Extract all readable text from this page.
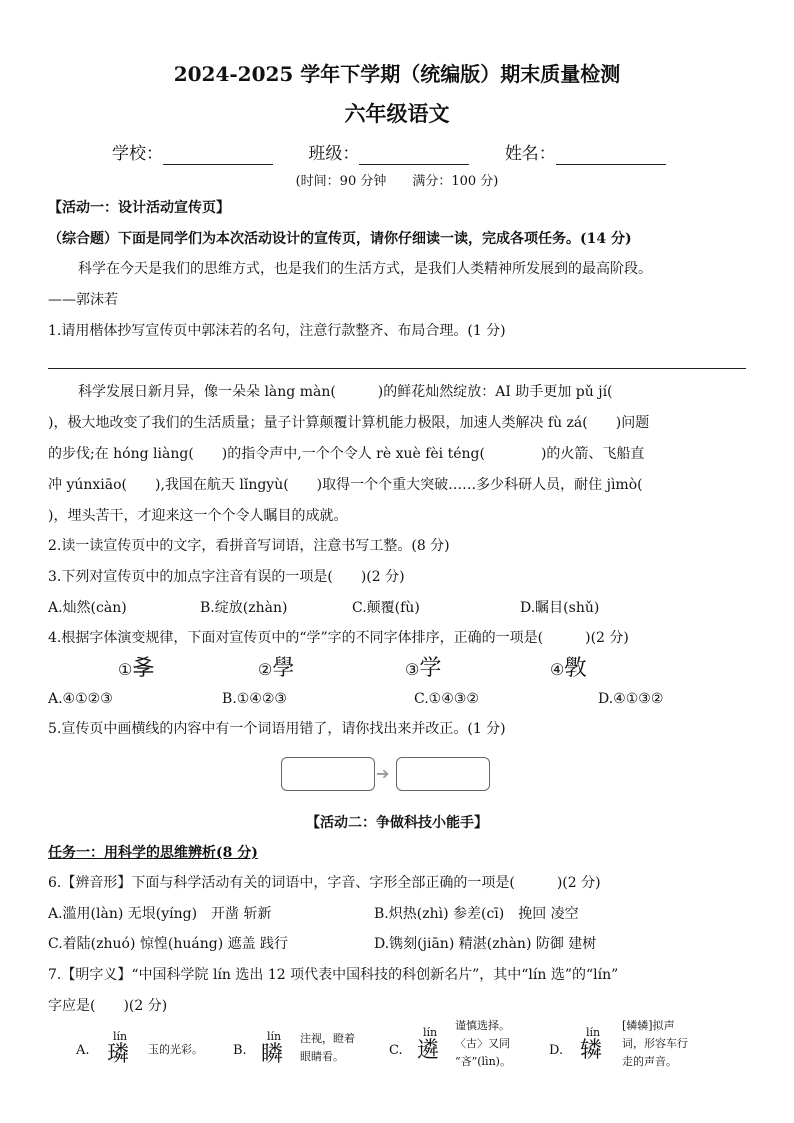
2024-2025 学年下学期（统编版）期末质量检测
六年级语文
学校：	班级：	姓名：
(时间：90 分钟　　满分：100 分)
【活动一：设计活动宣传页】
（综合题）下面是同学们为本次活动设计的宣传页，请你仔细读一读，完成各项任务。(14 分)
科学在今天是我们的思维方式，也是我们的生活方式，是我们人类精神所发展到的最高阶段。
——郭沫若
1.请用楷体抄写宣传页中郭沫若的名句，注意行款整齐、布局合理。(1 分)
科学发展日新月异，像一朵朵 làng màn(　　　)的鲜花灿然绽放：AI 助手更加 pǔ jí(
)，极大地改变了我们的生活质量；量子计算颠覆计算机能力极限，加速人类解决 fù zá(　　)问题
的步伐;在 hóng liàng(　　)的指令声中,一个个令人 rè xuè fèi téng(　　　　)的火箭、飞船直
冲 yúnxiāo(　　),我国在航天 lǐngyù(　　)取得一个个重大突破……多少科研人员，耐住 jìmò(
)，埋头苦干，才迎来这一个个令人瞩目的成就。
2.读一读宣传页中的文字，看拼音写词语，注意书写工整。(8 分)
3.下列对宣传页中的加点字注音有误的一项是(　　)(2 分)
A.灿然(càn)	B.绽放(zhàn)	C.颠覆(fù)	D.瞩目(shǔ)
4.根据字体演变规律，下面对宣传页中的“学”字的不同字体排序，正确的一项是(　　　)(2 分)
①𡥈	②學	③学	④斆
A.④①②③	B.①④②③	C.①④③②	D.④①③②
5.宣传页中画横线的内容中有一个词语用错了，请你找出来并改正。(1 分)
➔
【活动二：争做科技小能手】
任务一：用科学的思维辨析(8 分)
6.【辨音形】下面与科学活动有关的词语中，字音、字形全部正确的一项是(　　　)(2 分)
A.滥用(làn) 无垠(yíng)　开凿 斩新	B.炽热(zhì) 参差(cī)　挽回 凌空
C.着陆(zhuó) 惊惶(huáng) 遮盖 践行	D.镌刻(jiān) 精湛(zhàn) 防御 建树
7.【明字义】“中国科学院 lín 选出 12 项代表中国科技的科创新名片”，其中“lín 选”的“lín”
字应是(　　)(2 分)
A.
lín
璘 玉的光彩。	B.
lín
瞵
注视，瞪着
眼睛看。	C.
lín
遴
谨慎选择。
〈古〉又同
“吝”(lìn)。
D.
lín
辚
[辚辚]拟声
词，形容车行
走的声音。
